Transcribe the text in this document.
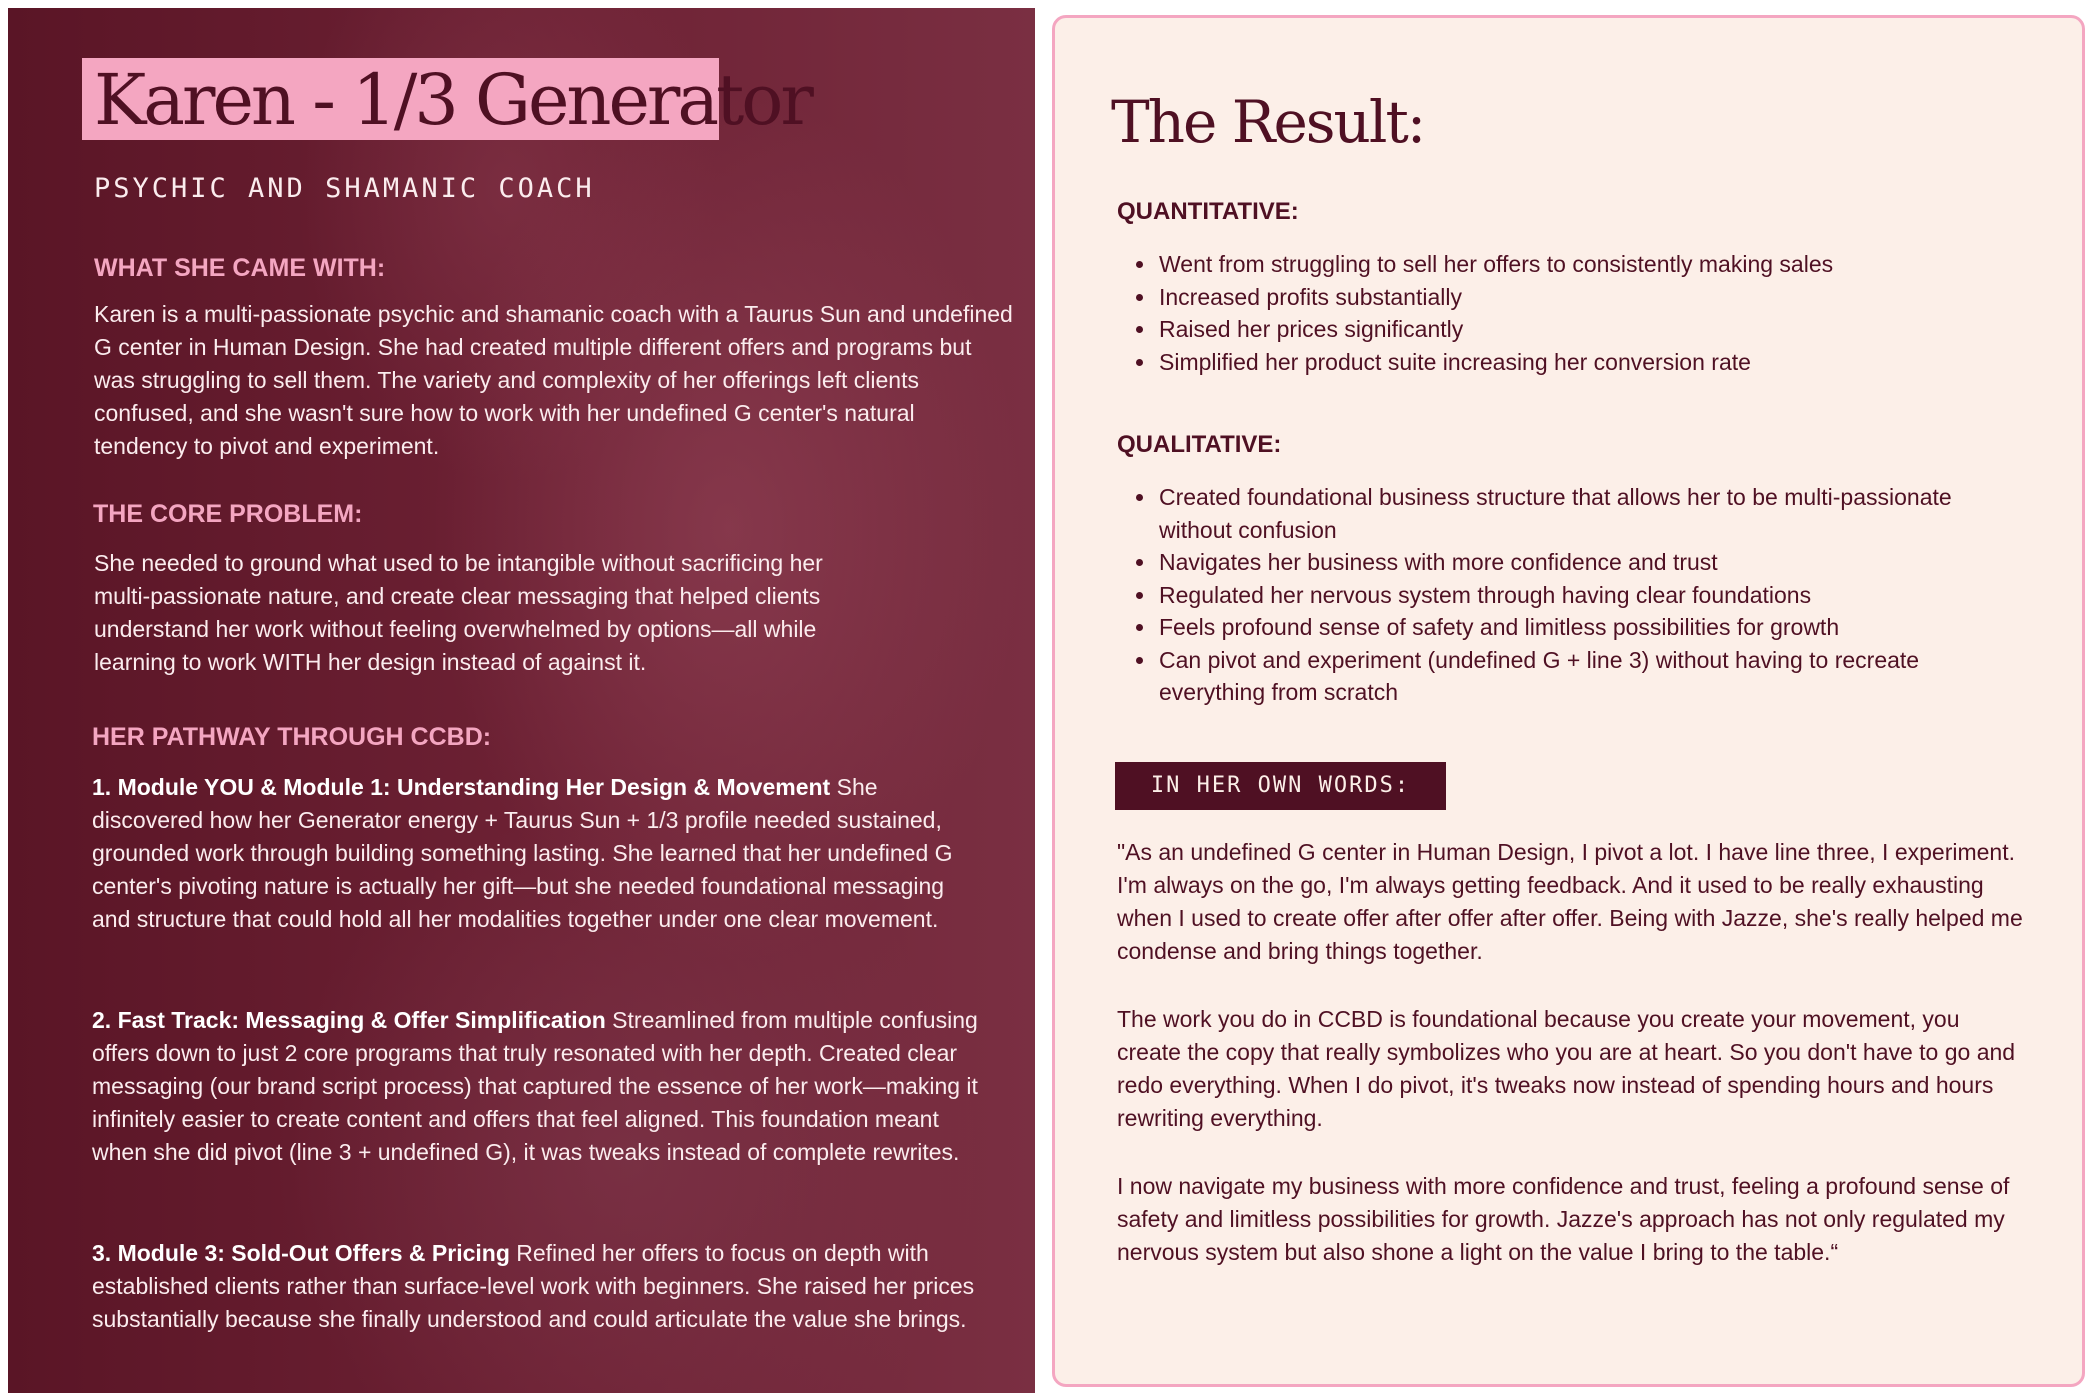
Karen - 1/3 Generator

PSYCHIC AND SHAMANIC COACH

WHAT SHE CAME WITH:

Karen is a multi-passionate psychic and shamanic coach with a Taurus Sun and undefined G center in Human Design. She had created multiple different offers and programs but was struggling to sell them. The variety and complexity of her offerings left clients confused, and she wasn't sure how to work with her undefined G center's natural tendency to pivot and experiment.

THE CORE PROBLEM:

She needed to ground what used to be intangible without sacrificing her multi-passionate nature, and create clear messaging that helped clients understand her work without feeling overwhelmed by options—all while learning to work WITH her design instead of against it.

HER PATHWAY THROUGH CCBD:

1. Module YOU & Module 1: Understanding Her Design & Movement She discovered how her Generator energy + Taurus Sun + 1/3 profile needed sustained, grounded work through building something lasting. She learned that her undefined G center's pivoting nature is actually her gift—but she needed foundational messaging and structure that could hold all her modalities together under one clear movement.

2. Fast Track: Messaging & Offer Simplification Streamlined from multiple confusing offers down to just 2 core programs that truly resonated with her depth. Created clear messaging (our brand script process) that captured the essence of her work—making it infinitely easier to create content and offers that feel aligned. This foundation meant when she did pivot (line 3 + undefined G), it was tweaks instead of complete rewrites.

3. Module 3: Sold-Out Offers & Pricing Refined her offers to focus on depth with established clients rather than surface-level work with beginners. She raised her prices substantially because she finally understood and could articulate the value she brings.

The Result:
QUANTITATIVE:
• Went from struggling to sell her offers to consistently making sales
• Increased profits substantially
• Raised her prices significantly
• Simplified her product suite increasing her conversion rate
QUALITATIVE:
• Created foundational business structure that allows her to be multi-passionate without confusion
• Navigates her business with more confidence and trust
• Regulated her nervous system through having clear foundations
• Feels profound sense of safety and limitless possibilities for growth
• Can pivot and experiment (undefined G + line 3) without having to recreate everything from scratch
IN HER OWN WORDS:

"As an undefined G center in Human Design, I pivot a lot. I have line three, I experiment. I'm always on the go, I'm always getting feedback. And it used to be really exhausting when I used to create offer after offer after offer. Being with Jazze, she's really helped me condense and bring things together.

The work you do in CCBD is foundational because you create your movement, you create the copy that really symbolizes who you are at heart. So you don't have to go and redo everything. When I do pivot, it's tweaks now instead of spending hours and hours rewriting everything.

I now navigate my business with more confidence and trust, feeling a profound sense of safety and limitless possibilities for growth. Jazze's approach has not only regulated my nervous system but also shone a light on the value I bring to the table.“
